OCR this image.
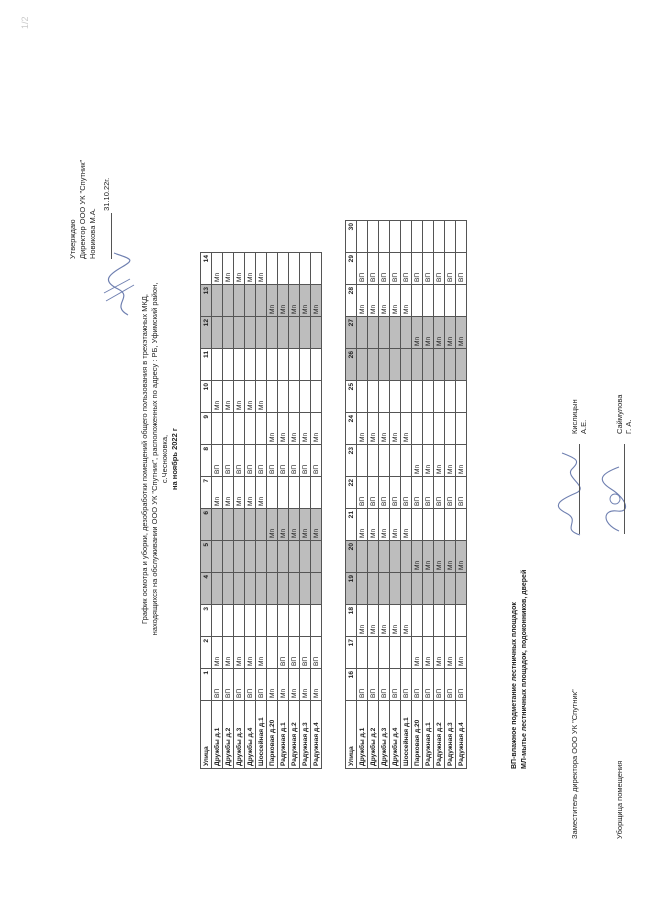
1/2
Утверждаю Директор ООО УК "Спутник" Новикова М.А.
31.10.22г.
График осмотра и уборки, дезобработки помещений общего пользования в трехэтажных МКД, находящихся на обслуживании ООО УК "Спутник", расположенных по адресу : РБ, Уфимский район, с.Чесноковка, на ноябрь 2022 г
Улица	1	2	3	4	5	6	7	8	9	10	11	12	13	14
Дружбы д.1	ВП	Мп					Мп	ВП		Мп				Мп
Дружбы д.2	ВП	Мп					Мп	ВП		Мп				Мп
Дружбы д.3	ВП	Мп					Мп	ВП		Мп				Мп
Дружбы д.4	ВП	Мп					Мп	ВП		Мп				Мп
Шоссейная д.1	ВП	Мп					Мп	ВП		Мп				Мп
Парковая д.20	Мп					Мп		ВП	Мп				Мп	
Радужная д.1	Мп	ВП				Мп		ВП	Мп				Мп	
Радужная д.2	Мп	ВП				Мп		ВП	Мп				Мп	
Радужная д.3	Мп	ВП				Мп		ВП	Мп				Мп	
Радужная д.4	Мп	ВП				Мп		ВП	Мп				Мп	
Улица	16	17	18	19	20	21	22	23	24	25	26	27	28	29	30
Дружбы д.1	ВП		Мп			Мп	ВП		Мп				Мп	ВП	
Дружбы д.2	ВП		Мп			Мп	ВП		Мп				Мп	ВП	
Дружбы д.3	ВП		Мп			Мп	ВП		Мп				Мп	ВП	
Дружбы д.4	ВП		Мп			Мп	ВП		Мп				Мп	ВП	
Шоссейная д.1	ВП		Мп			Мп	ВП		Мп				Мп	ВП	
Парковая д.20	ВП	Мп			Мп		ВП	Мп				Мп		ВП	
Радужная д.1	ВП	Мп			Мп		ВП	Мп				Мп		ВП	
Радужная д.2	ВП	Мп			Мп		ВП	Мп				Мп		ВП	
Радужная д.3	ВП	Мп			Мп		ВП	Мп				Мп		ВП	
Радужная д.4	ВП	Мп			Мп		ВП	Мп				Мп		ВП	
ВП-влажное подметание лестничных площадок МЛ-мытье лестничных площадок, подоконников, дверей	Заместитель директора ООО УК "Спутник"
Кислицын А.Е.
Уборщица помещения
Саймулова Г. А.
